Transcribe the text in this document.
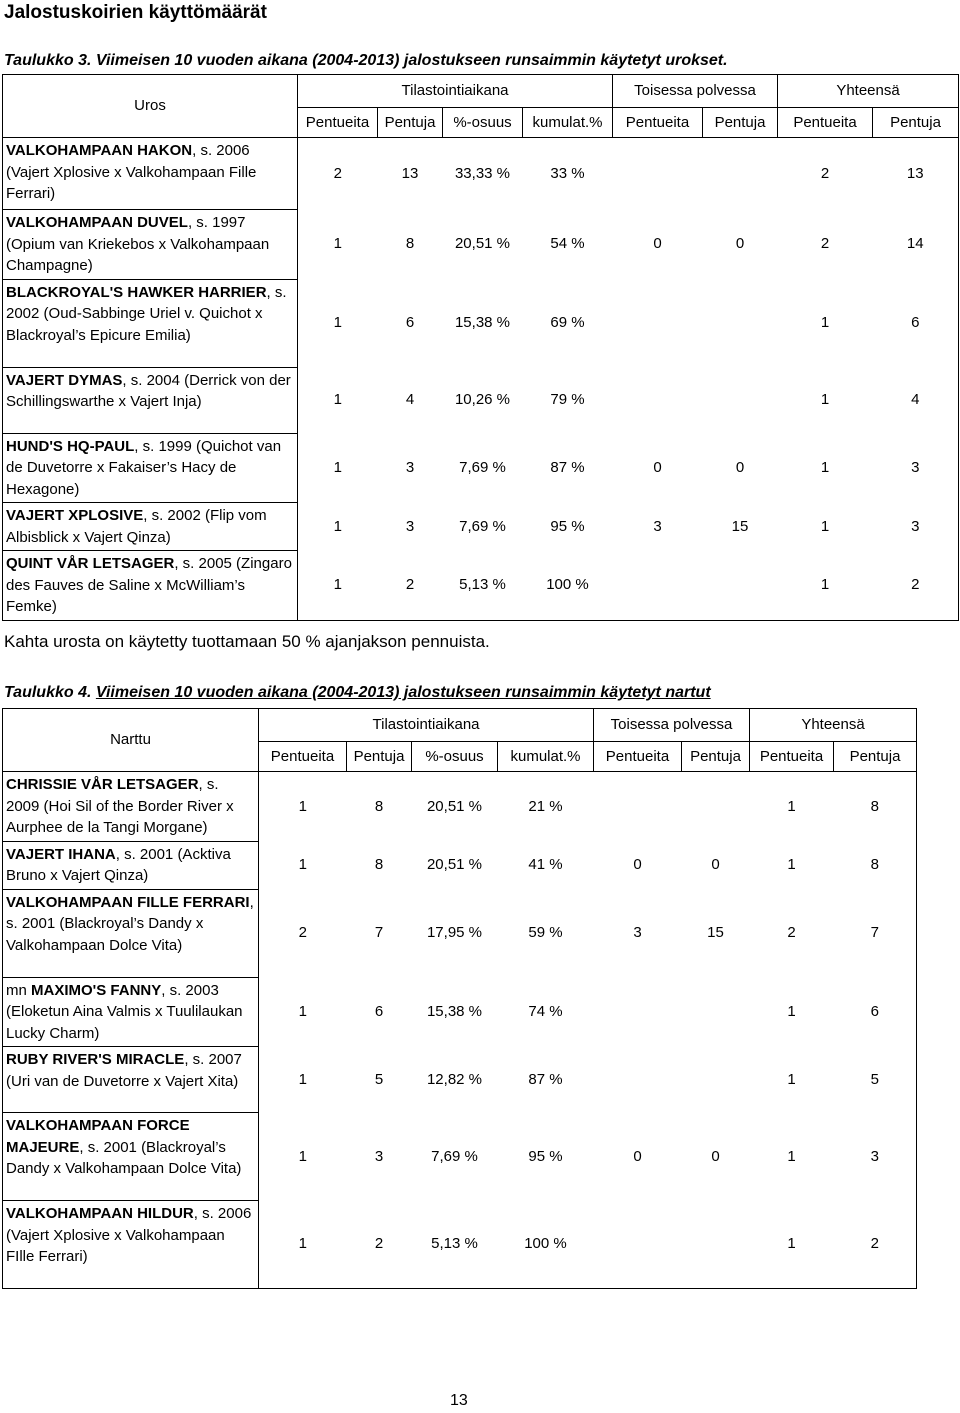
Jalostuskoirien käyttömäärät
Taulukko 3. Viimeisen 10 vuoden aikana (2004-2013) jalostukseen runsaimmin käytetyt urokset.
Uros	Tilastointiaikana				Toisessa polvessa		Yhteensä	
	Pentueita	Pentuja	%-osuus	kumulat.%	Pentueita	Pentuja	Pentueita	Pentuja
VALKOHAMPAAN HAKON, s. 2006 (Vajert Xplosive x Valkohampaan Fille Ferrari)	2	13	33,33 %	33 %			2	13
VALKOHAMPAAN DUVEL, s. 1997 (Opium van Kriekebos x Valkohampaan Champagne)	1	8	20,51 %	54 %	0	0	2	14
BLACKROYAL'S HAWKER HARRIER, s. 2002 (Oud-Sabbinge Uriel v. Quichot x Blackroyal’s Epicure Emilia)	1	6	15,38 %	69 %			1	6
VAJERT DYMAS, s. 2004 (Derrick von der Schillingswarthe x Vajert Inja)	1	4	10,26 %	79 %			1	4
HUND'S HQ-PAUL, s. 1999 (Quichot van de Duvetorre x Fakaiser’s Hacy de Hexagone)	1	3	7,69 %	87 %	0	0	1	3
VAJERT XPLOSIVE, s. 2002 (Flip vom Albisblick x Vajert Qinza)	1	3	7,69 %	95 %	3	15	1	3
QUINT VÅR LETSAGER, s. 2005 (Zingaro des Fauves de Saline x McWilliam’s Femke)	1	2	5,13 %	100 %			1	2
Kahta urosta on käytetty tuottamaan 50 % ajanjakson pennuista.
Taulukko 4. Viimeisen 10 vuoden aikana (2004-2013) jalostukseen runsaimmin käytetyt nartut
Narttu	Tilastointiaikana				Toisessa polvessa		Yhteensä	
	Pentueita	Pentuja	%-osuus	kumulat.%	Pentueita	Pentuja	Pentueita	Pentuja
CHRISSIE VÅR LETSAGER, s. 2009 (Hoi Sil of the Border River x Aurphee de la Tangi Morgane)	1	8	20,51 %	21 %			1	8
VAJERT IHANA, s. 2001 (Acktiva Bruno x Vajert Qinza)	1	8	20,51 %	41 %	0	0	1	8
VALKOHAMPAAN FILLE FERRARI, s. 2001 (Blackroyal’s Dandy x Valkohampaan Dolce Vita)	2	7	17,95 %	59 %	3	15	2	7
mn MAXIMO'S FANNY, s. 2003 (Eloketun Aina Valmis x Tuulilaukan Lucky Charm)	1	6	15,38 %	74 %			1	6
RUBY RIVER'S MIRACLE, s. 2007 (Uri van de Duvetorre x Vajert Xita)	1	5	12,82 %	87 %			1	5
VALKOHAMPAAN FORCE MAJEURE, s. 2001 (Blackroyal’s Dandy x Valkohampaan Dolce Vita)	1	3	7,69 %	95 %	0	0	1	3
VALKOHAMPAAN HILDUR, s. 2006 (Vajert Xplosive x Valkohampaan FIlle Ferrari)	1	2	5,13 %	100 %			1	2
13
